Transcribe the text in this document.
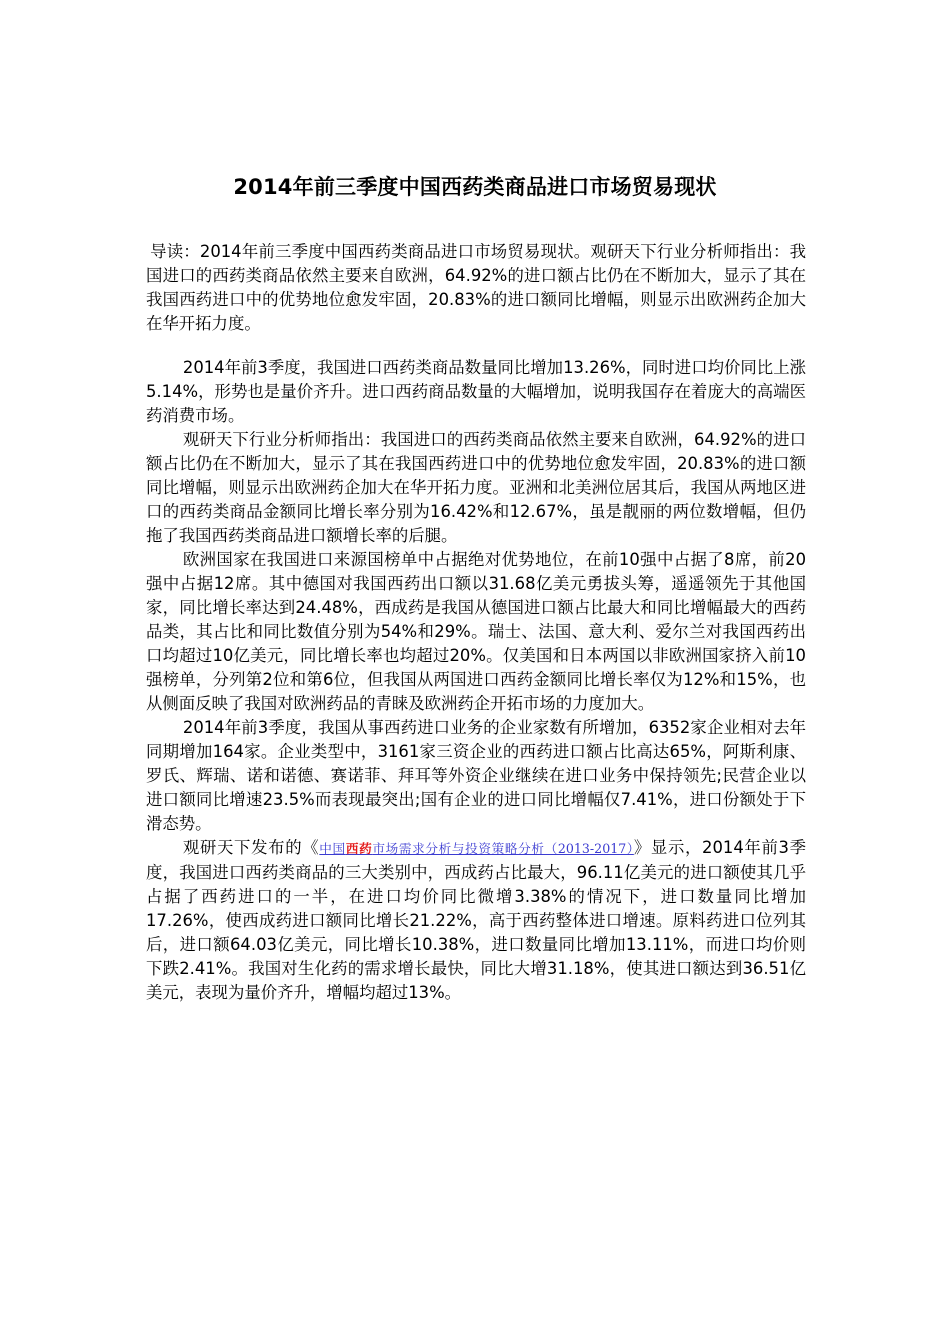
2014年前三季度中国西药类商品进口市场贸易现状

导读：2014年前三季度中国西药类商品进口市场贸易现状。观研天下行业分析师指出：我国进口的西药类商品依然主要来自欧洲，64.92%的进口额占比仍在不断加大，显示了其在我国西药进口中的优势地位愈发牢固，20.83%的进口额同比增幅，则显示出欧洲药企加大在华开拓力度。

2014年前3季度，我国进口西药类商品数量同比增加13.26%，同时进口均价同比上涨5.14%，形势也是量价齐升。进口西药商品数量的大幅增加，说明我国存在着庞大的高端医药消费市场。

观研天下行业分析师指出：我国进口的西药类商品依然主要来自欧洲，64.92%的进口额占比仍在不断加大，显示了其在我国西药进口中的优势地位愈发牢固，20.83%的进口额同比增幅，则显示出欧洲药企加大在华开拓力度。亚洲和北美洲位居其后，我国从两地区进口的西药类商品金额同比增长率分别为16.42%和12.67%，虽是靓丽的两位数增幅，但仍拖了我国西药类商品进口额增长率的后腿。

欧洲国家在我国进口来源国榜单中占据绝对优势地位，在前10强中占据了8席，前20强中占据12席。其中德国对我国西药出口额以31.68亿美元勇拔头筹，遥遥领先于其他国家，同比增长率达到24.48%，西成药是我国从德国进口额占比最大和同比增幅最大的西药品类，其占比和同比数值分别为54%和29%。瑞士、法国、意大利、爱尔兰对我国西药出口均超过10亿美元，同比增长率也均超过20%。仅美国和日本两国以非欧洲国家挤入前10强榜单，分列第2位和第6位，但我国从两国进口西药金额同比增长率仅为12%和15%，也从侧面反映了我国对欧洲药品的青睐及欧洲药企开拓市场的力度加大。

2014年前3季度，我国从事西药进口业务的企业家数有所增加，6352家企业相对去年同期增加164家。企业类型中，3161家三资企业的西药进口额占比高达65%，阿斯利康、罗氏、辉瑞、诺和诺德、赛诺菲、拜耳等外资企业继续在进口业务中保持领先;民营企业以进口额同比增速23.5%而表现最突出;国有企业的进口同比增幅仅7.41%，进口份额处于下滑态势。

观研天下发布的《中国西药市场需求分析与投资策略分析（2013-2017）》显示，2014年前3季度，我国进口西药类商品的三大类别中，西成药占比最大，96.11亿美元的进口额使其几乎占据了西药进口的一半，在进口均价同比微增3.38%的情况下，进口数量同比增加17.26%，使西成药进口额同比增长21.22%，高于西药整体进口增速。原料药进口位列其后，进口额64.03亿美元，同比增长10.38%，进口数量同比增加13.11%，而进口均价则下跌2.41%。我国对生化药的需求增长最快，同比大增31.18%，使其进口额达到36.51亿美元，表现为量价齐升，增幅均超过13%。
